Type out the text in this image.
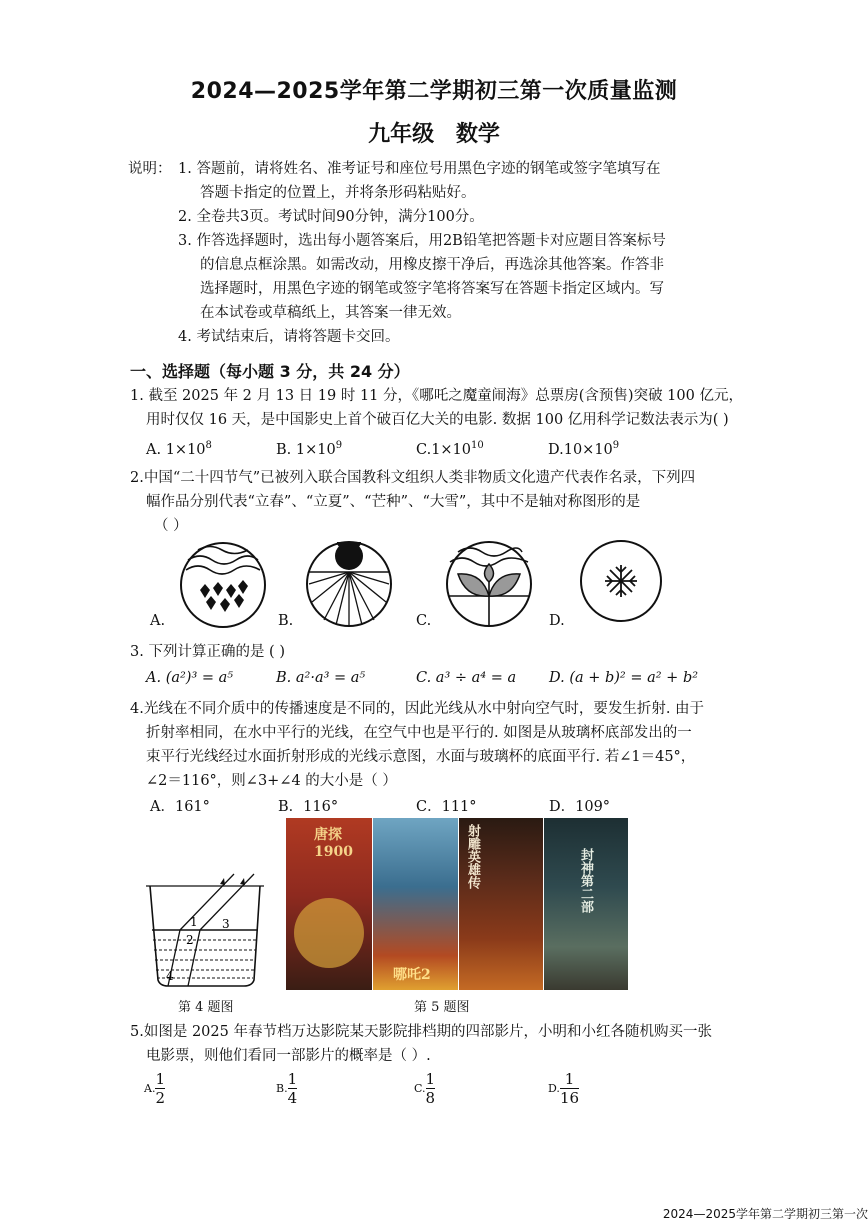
2024—2025学年第二学期初三第一次质量监测
九年级 数学
说明： 1. 答题前，请将姓名、准考证号和座位号用黑色字迹的钢笔或签字笔填写在
答题卡指定的位置上，并将条形码粘贴好。
2. 全卷共3页。考试时间90分钟，满分100分。
3. 作答选择题时，选出每小题答案后，用2B铅笔把答题卡对应题目答案标号
的信息点框涂黑。如需改动，用橡皮擦干净后，再选涂其他答案。作答非
选择题时，用黑色字迹的钢笔或签字笔将答案写在答题卡指定区域内。写
在本试卷或草稿纸上，其答案一律无效。
4. 考试结束后，请将答题卡交回。
一、选择题（每小题 3 分，共 24 分）
1. 截至 2025 年 2 月 13 日 19 时 11 分，《哪吒之魔童闹海》总票房(含预售)突破 100 亿元，
用时仅仅 16 天，是中国影史上首个破百亿大关的电影. 数据 100 亿用科学记数法表示为( )
A. $1\times 10^8$	B. $1\times 10^9$	$C.1\times 10^{10}$	$D.10\times 10^9$
2.中国“二十四节气”已被列入联合国教科文组织人类非物质文化遗产代表作名录，下列四
幅作品分别代表“立春”、“立夏”、“芒种”、“大雪”，其中不是轴对称图形的是
（ ）
A.	B.	C.	D.
3. 下列计算正确的是 ( )
A. (a²)³ = a⁵	B. a²·a³ = a⁵	C. a³ ÷ a⁴ = a D. (a + b)² = a² + b²
4.光线在不同介质中的传播速度是不同的，因此光线从水中射向空气时，要发生折射. 由于
折射率相同，在水中平行的光线，在空气中也是平行的. 如图是从玻璃杯底部发出的一
束平行光线经过水面折射形成的光线示意图，水面与玻璃杯的底面平行. 若∠1＝45°，
∠2＝116°，则∠3+∠4 的大小是（ ）
A．161°	B．116°	C．111°	D．109°
1
2
3
4
第 4 题图
唐探1900
哪吒2
射雕英雄传	封神第二部
第 5 题图
5.如图是 2025 年春节档万达影院某天影院排档期的四部影片，小明和小红各随机购买一张
电影票，则他们看同一部影片的概率是（ ）.
A. $\frac{1}{2}$	B. $\frac{1}{4}$	C. $\frac{1}{8}$	D. $\frac{1}{16}$
2024—2025学年第二学期初三第一次
